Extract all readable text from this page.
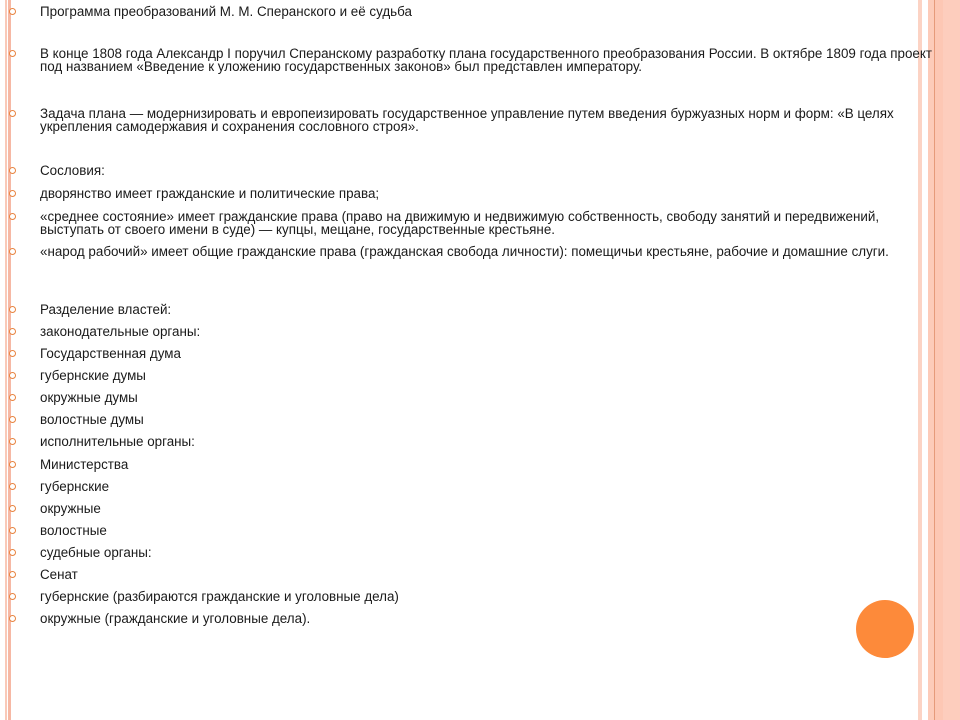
Программа преобразований М. М. Сперанского и её судьба
В конце 1808 года Александр I поручил Сперанскому разработку плана государственного преобразования России. В октябре 1809 года проект под названием «Введение к уложению государственных законов» был представлен императору.
Задача плана — модернизировать и европеизировать государственное управление путем введения буржуазных норм и форм: «В целях укрепления самодержавия и сохранения сословного строя».
Сословия:
дворянство имеет гражданские и политические права;
«среднее состояние» имеет гражданские права (право на движимую и недвижимую собственность, свободу занятий и передвижений, выступать от своего имени в суде) — купцы, мещане, государственные крестьяне.
«народ рабочий» имеет общие гражданские права (гражданская свобода личности): помещичьи крестьяне, рабочие и домашние слуги.
Разделение властей:
законодательные органы:
Государственная дума
губернские думы
окружные думы
волостные думы
исполнительные органы:
Министерства
губернские
окружные
волостные
судебные органы:
Сенат
губернские (разбираются гражданские и уголовные дела)
окружные (гражданские и уголовные дела).
